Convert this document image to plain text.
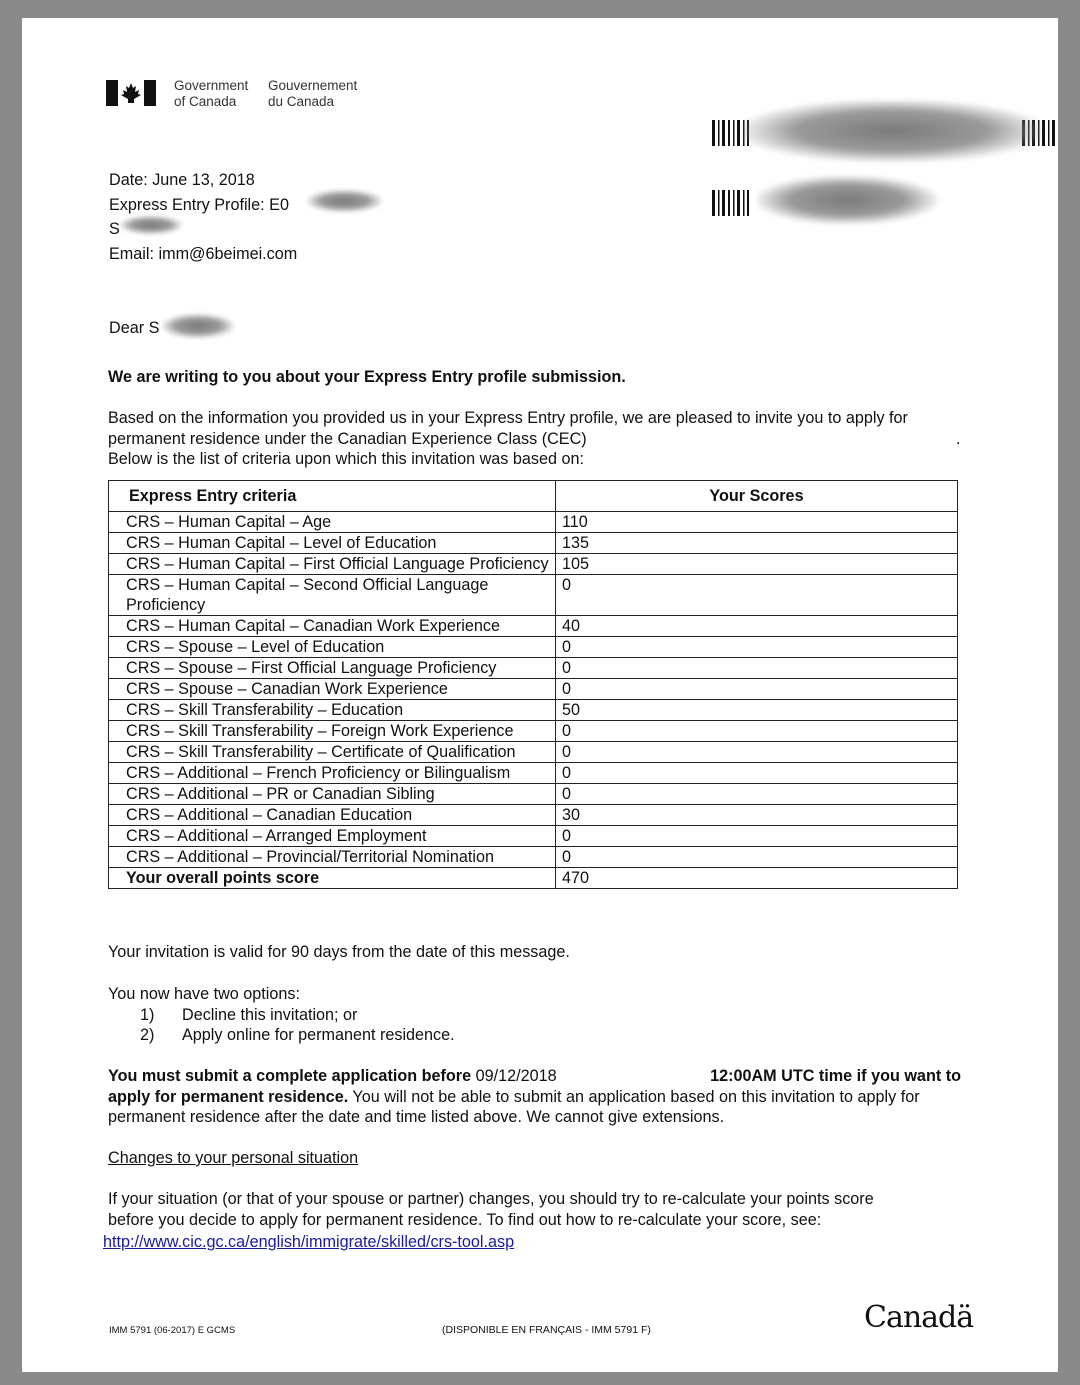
Government
of Canada
Gouvernement
du Canada
Date: June 13, 2018
Express Entry Profile: E0
S
Email: imm@6beimei.com
Dear S
We are writing to you about your Express Entry profile submission.
Based on the information you provided us in your Express Entry profile, we are pleased to invite you to apply for
permanent residence under the Canadian Experience Class (CEC)	.
Below is the list of criteria upon which this invitation was based on:
Express Entry criteria	Your Scores
CRS – Human Capital – Age	110
CRS – Human Capital – Level of Education	135
CRS – Human Capital – First Official Language Proficiency	105
CRS – Human Capital – Second Official Language Proficiency	0
CRS – Human Capital – Canadian Work Experience	40
CRS – Spouse – Level of Education	0
CRS – Spouse – First Official Language Proficiency	0
CRS – Spouse – Canadian Work Experience	0
CRS – Skill Transferability – Education	50
CRS – Skill Transferability – Foreign Work Experience	0
CRS – Skill Transferability – Certificate of Qualification	0
CRS – Additional – French Proficiency or Bilingualism	0
CRS – Additional – PR or Canadian Sibling	0
CRS – Additional – Canadian Education	30
CRS – Additional – Arranged Employment	0
CRS – Additional – Provincial/Territorial Nomination	0
Your overall points score	470
Your invitation is valid for 90 days from the date of this message.
You now have two options:
1) Decline this invitation; or
2) Apply online for permanent residence.
You must submit a complete application before 09/12/2018	12:00AM UTC time if you want to
apply for permanent residence. You will not be able to submit an application based on this invitation to apply for
permanent residence after the date and time listed above. We cannot give extensions.
Changes to your personal situation
If your situation (or that of your spouse or partner) changes, you should try to re-calculate your points score
before you decide to apply for permanent residence. To find out how to re-calculate your score, see:
http://www.cic.gc.ca/english/immigrate/skilled/crs-tool.asp
IMM 5791 (06-2017) E GCMS	(DISPONIBLE EN FRANÇAIS - IMM 5791 F)	Canadä
